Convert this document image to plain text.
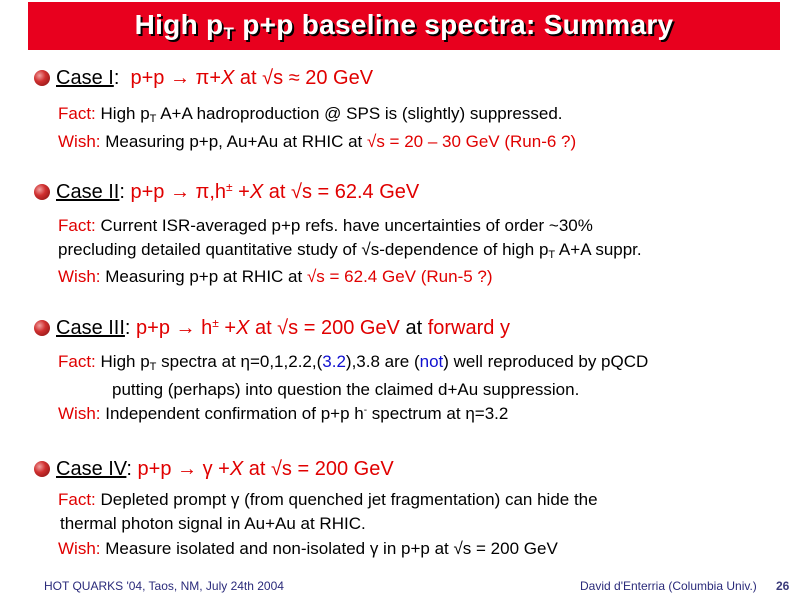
High $p_T$ p+p baseline spectra: Summary
Case I: p+p → π+X at √s ≈ 20 GeV
Fact: High $p_T$ A+A hadroproduction @ SPS is (slightly) suppressed.
Wish: Measuring p+p, Au+Au at RHIC at √s = 20 – 30 GeV (Run-6 ?)
Case II: p+p → π,h± +X at √s = 62.4 GeV
Fact: Current ISR-averaged p+p refs. have uncertainties of order ~30%
precluding detailed quantitative study of √s-dependence of high $p_T$ A+A suppr.
Wish: Measuring p+p at RHIC at √s = 62.4 GeV (Run-5 ?)
Case III: p+p → h± +X at √s = 200 GeV at forward y
Fact: High $p_T$ spectra at η=0,1,2.2,(3.2),3.8 are (not) well reproduced by pQCD
putting (perhaps) into question the claimed d+Au suppression.
Wish: Independent confirmation of p+p h- spectrum at η=3.2
Case IV: p+p → γ +X at √s = 200 GeV
Fact: Depleted prompt γ (from quenched jet fragmentation) can hide the
thermal photon signal in Au+Au at RHIC.
Wish: Measure isolated and non-isolated γ in p+p at √s = 200 GeV
HOT QUARKS '04, Taos, NM, July 24th 2004	David d'Enterria (Columbia Univ.) 26
